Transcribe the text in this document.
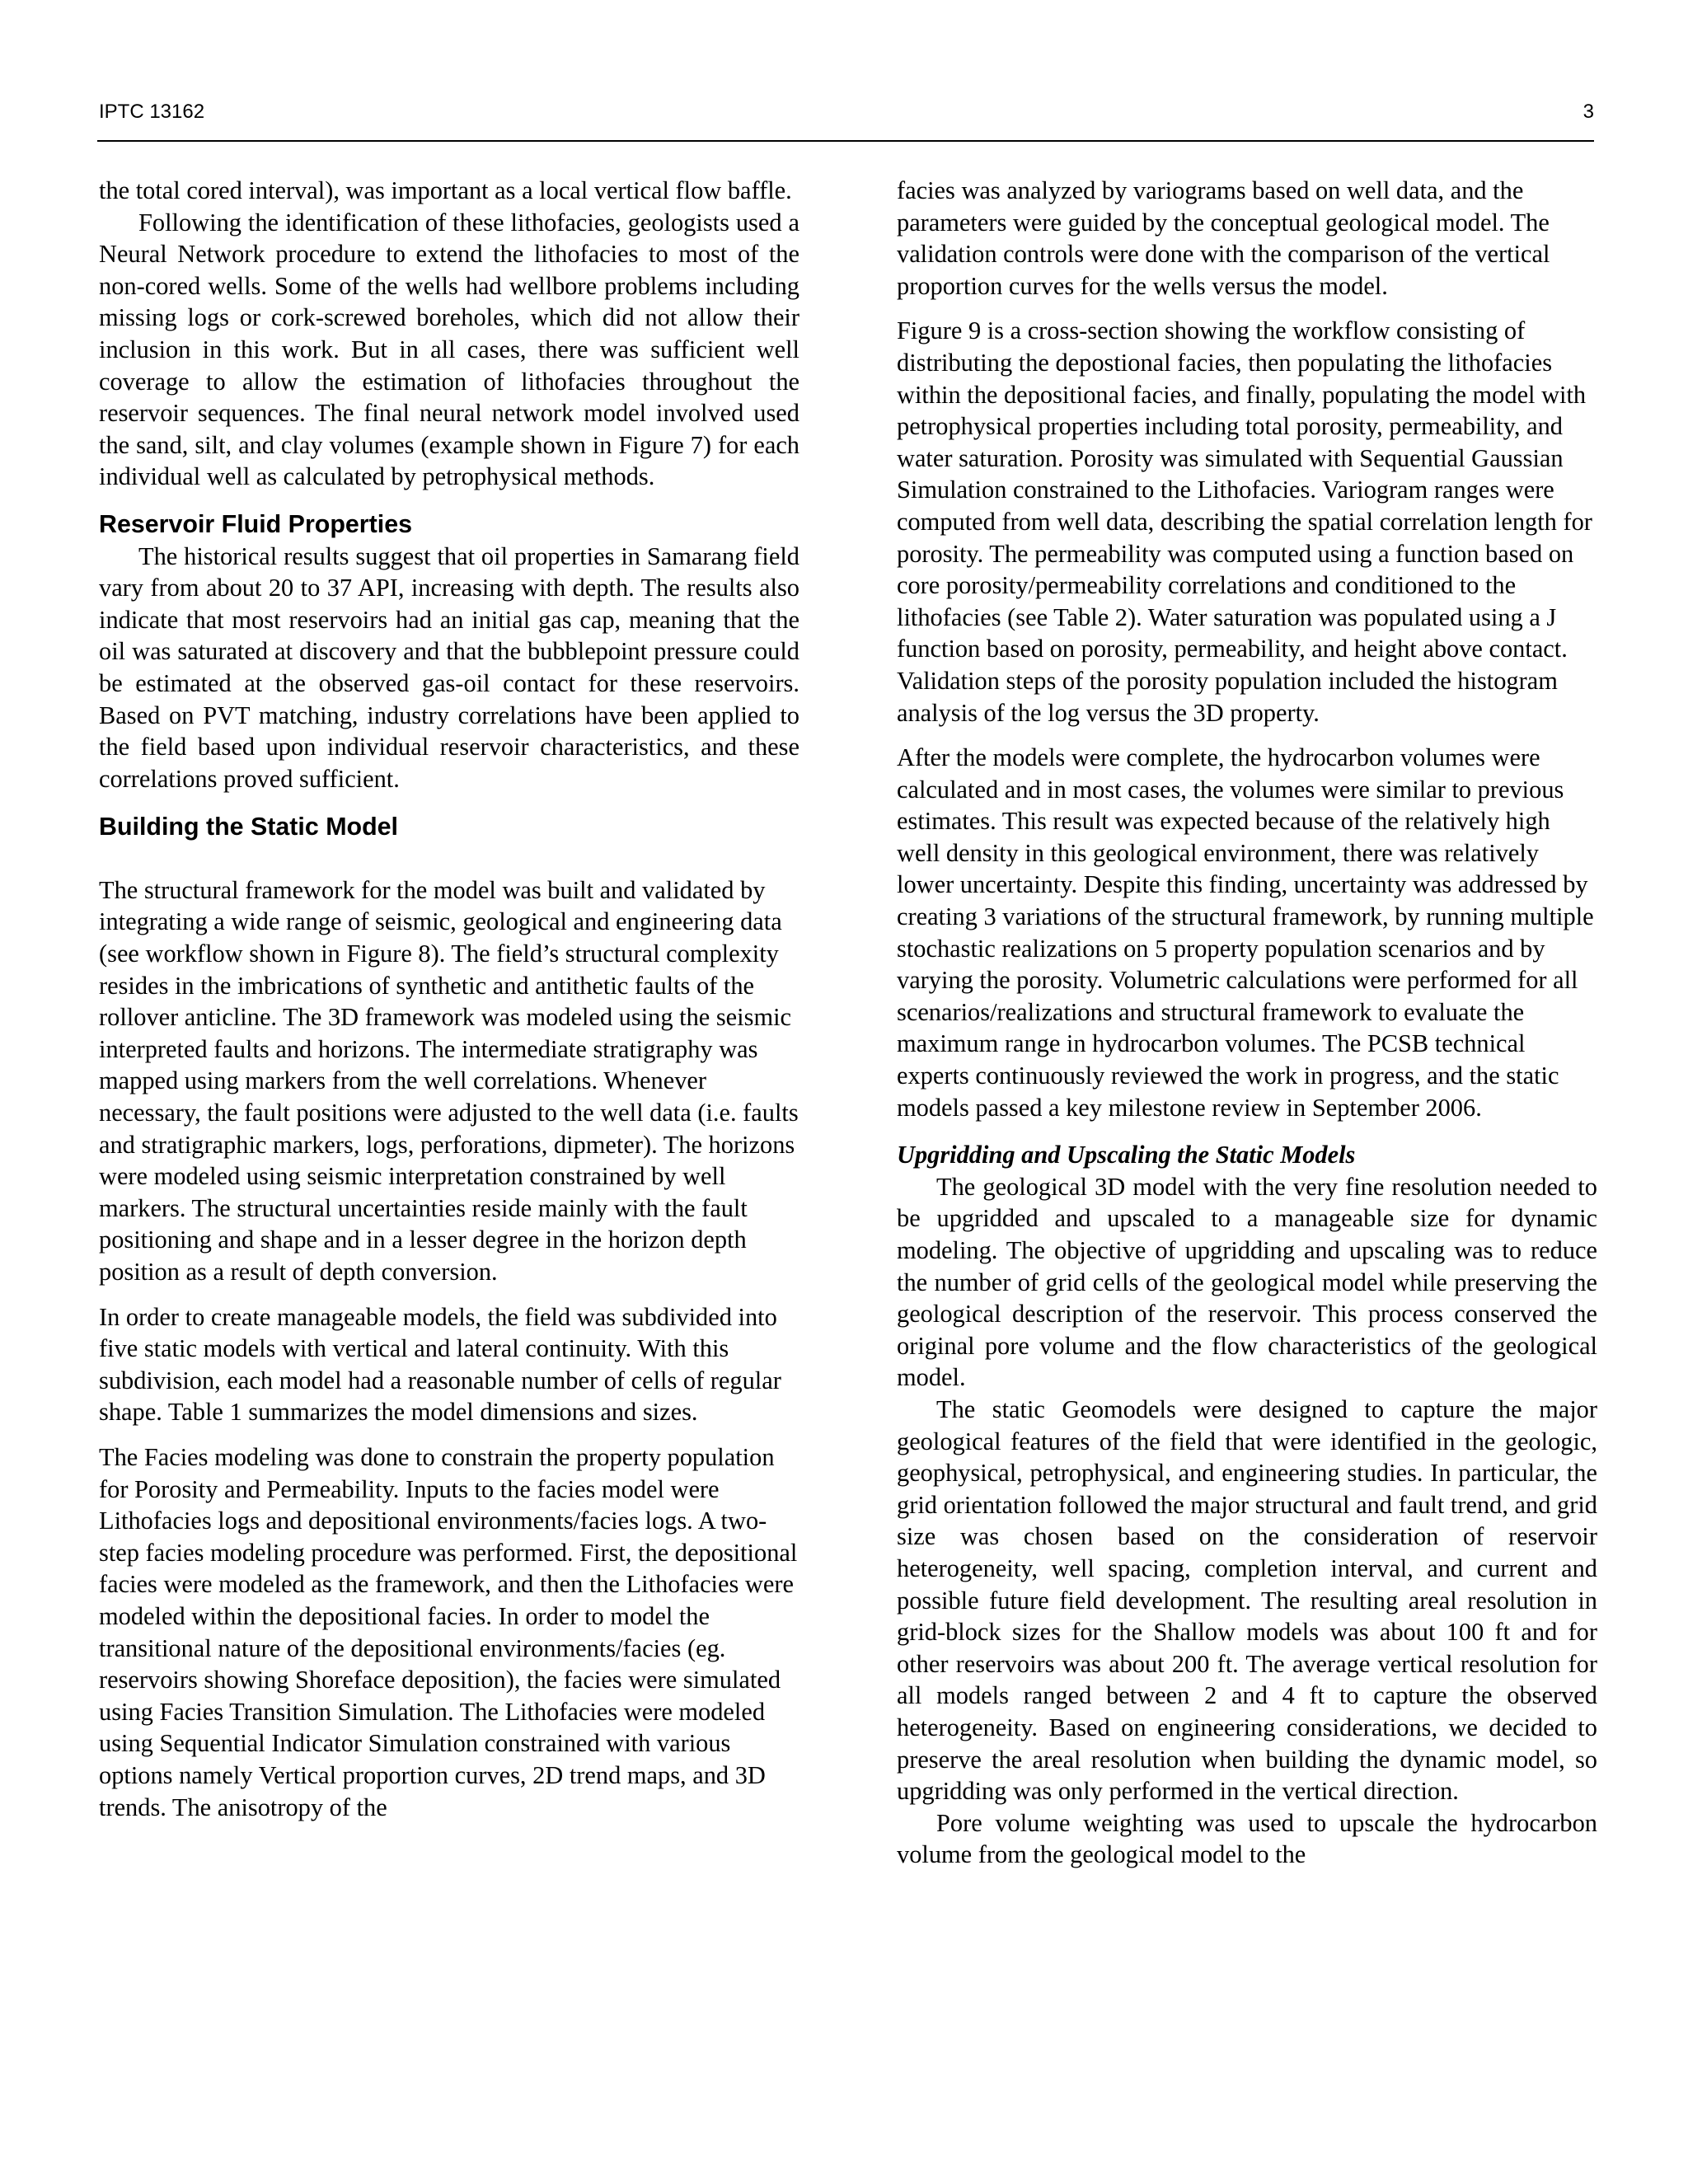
IPTC 13162	3

the total cored interval), was important as a local vertical flow baffle.

Following the identification of these lithofacies, geologists used a Neural Network procedure to extend the lithofacies to most of the non-cored wells. Some of the wells had wellbore problems including missing logs or cork-screwed boreholes, which did not allow their inclusion in this work. But in all cases, there was sufficient well coverage to allow the estimation of lithofacies throughout the reservoir sequences. The final neural network model involved used the sand, silt, and clay volumes (example shown in Figure 7) for each individual well as calculated by petrophysical methods.

Reservoir Fluid Properties

The historical results suggest that oil properties in Samarang field vary from about 20 to 37 API, increasing with depth. The results also indicate that most reservoirs had an initial gas cap, meaning that the oil was saturated at discovery and that the bubblepoint pressure could be estimated at the observed gas-oil contact for these reservoirs. Based on PVT matching, industry correlations have been applied to the field based upon individual reservoir characteristics, and these correlations proved sufficient.

Building the Static Model

The structural framework for the model was built and validated by integrating a wide range of seismic, geological and engineering data (see workflow shown in Figure 8). The field’s structural complexity resides in the imbrications of synthetic and antithetic faults of the rollover anticline. The 3D framework was modeled using the seismic interpreted faults and horizons. The intermediate stratigraphy was mapped using markers from the well correlations. Whenever necessary, the fault positions were adjusted to the well data (i.e. faults and stratigraphic markers, logs, perforations, dipmeter). The horizons were modeled using seismic interpretation constrained by well markers. The structural uncertainties reside mainly with the fault positioning and shape and in a lesser degree in the horizon depth position as a result of depth conversion.

In order to create manageable models, the field was subdivided into five static models with vertical and lateral continuity. With this subdivision, each model had a reasonable number of cells of regular shape. Table 1 summarizes the model dimensions and sizes.

The Facies modeling was done to constrain the property population for Porosity and Permeability. Inputs to the facies model were Lithofacies logs and depositional environments/facies logs. A two-step facies modeling procedure was performed. First, the depositional facies were modeled as the framework, and then the Lithofacies were modeled within the depositional facies. In order to model the transitional nature of the depositional environments/facies (eg. reservoirs showing Shoreface deposition), the facies were simulated using Facies Transition Simulation. The Lithofacies were modeled using Sequential Indicator Simulation constrained with various options namely Vertical proportion curves, 2D trend maps, and 3D trends. The anisotropy of the

facies was analyzed by variograms based on well data, and the parameters were guided by the conceptual geological model. The validation controls were done with the comparison of the vertical proportion curves for the wells versus the model.

Figure 9 is a cross-section showing the workflow consisting of distributing the depostional facies, then populating the lithofacies within the depositional facies, and finally, populating the model with petrophysical properties including total porosity, permeability, and water saturation. Porosity was simulated with Sequential Gaussian Simulation constrained to the Lithofacies. Variogram ranges were computed from well data, describing the spatial correlation length for porosity. The permeability was computed using a function based on core porosity/permeability correlations and conditioned to the lithofacies (see Table 2). Water saturation was populated using a J function based on porosity, permeability, and height above contact. Validation steps of the porosity population included the histogram analysis of the log versus the 3D property.

After the models were complete, the hydrocarbon volumes were calculated and in most cases, the volumes were similar to previous estimates. This result was expected because of the relatively high well density in this geological environment, there was relatively lower uncertainty. Despite this finding, uncertainty was addressed by creating 3 variations of the structural framework, by running multiple stochastic realizations on 5 property population scenarios and by varying the porosity. Volumetric calculations were performed for all scenarios/realizations and structural framework to evaluate the maximum range in hydrocarbon volumes. The PCSB technical experts continuously reviewed the work in progress, and the static models passed a key milestone review in September 2006.

Upgridding and Upscaling the Static Models

The geological 3D model with the very fine resolution needed to be upgridded and upscaled to a manageable size for dynamic modeling. The objective of upgridding and upscaling was to reduce the number of grid cells of the geological model while preserving the geological description of the reservoir. This process conserved the original pore volume and the flow characteristics of the geological model.

The static Geomodels were designed to capture the major geological features of the field that were identified in the geologic, geophysical, petrophysical, and engineering studies. In particular, the grid orientation followed the major structural and fault trend, and grid size was chosen based on the consideration of reservoir heterogeneity, well spacing, completion interval, and current and possible future field development. The resulting areal resolution in grid-block sizes for the Shallow models was about 100 ft and for other reservoirs was about 200 ft. The average vertical resolution for all models ranged between 2 and 4 ft to capture the observed heterogeneity. Based on engineering considerations, we decided to preserve the areal resolution when building the dynamic model, so upgridding was only performed in the vertical direction.

Pore volume weighting was used to upscale the hydrocarbon volume from the geological model to the
